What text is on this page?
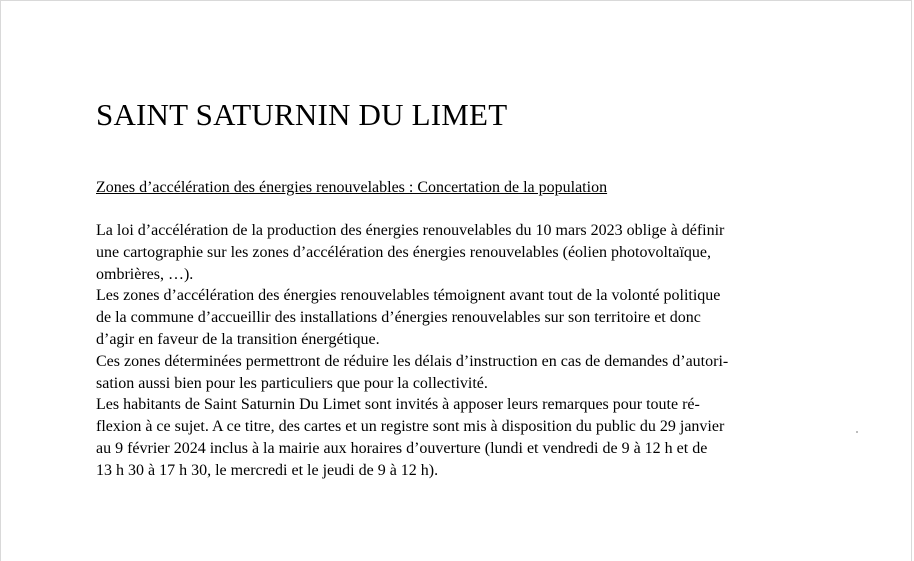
SAINT SATURNIN DU LIMET
Zones d’accélération des énergies renouvelables : Concertation de la population

La loi d’accélération de la production des énergies renouvelables du 10 mars 2023 oblige à définir
une cartographie sur les zones d’accélération des énergies renouvelables (éolien photovoltaïque,
ombrières, …).

Les zones d’accélération des énergies renouvelables témoignent avant tout de la volonté politique
de la commune d’accueillir des installations d’énergies renouvelables sur son territoire et donc
d’agir en faveur de la transition énergétique.

Ces zones déterminées permettront de réduire les délais d’instruction en cas de demandes d’autori-
sation aussi bien pour les particuliers que pour la collectivité.

Les habitants de Saint Saturnin Du Limet sont invités à apposer leurs remarques pour toute ré-
flexion à ce sujet. A ce titre, des cartes et un registre sont mis à disposition du public du 29 janvier
au 9 février 2024 inclus à la mairie aux horaires d’ouverture (lundi et vendredi de 9 à 12 h et de
13 h 30 à 17 h 30, le mercredi et le jeudi de 9 à 12 h).
